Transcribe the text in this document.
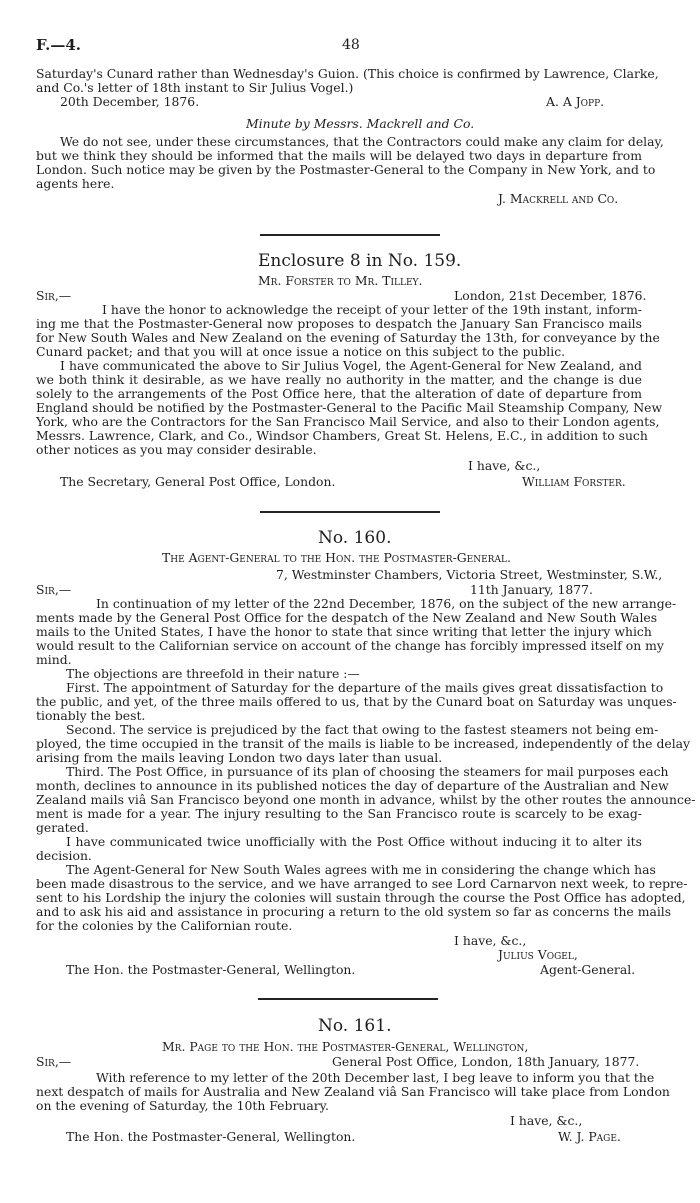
F.—4.	48
Saturday's Cunard rather than Wednesday's Guion. (This choice is confirmed by Lawrence, Clarke,
and Co.'s letter of 18th instant to Sir Julius Vogel.)
20th December, 1876.	A. A Jopp.
Minute by Messrs. Mackrell and Co.
We do not see, under these circumstances, that the Contractors could make any claim for delay,
but we think they should be informed that the mails will be delayed two days in departure from
London. Such notice may be given by the Postmaster-General to the Company in New York, and to
agents here.
J. Mackrell and Co.
Enclosure 8 in No. 159.
Mr. Forster to Mr. Tilley.
Sir,—	London, 21st December, 1876.
I have the honor to acknowledge the receipt of your letter of the 19th instant, inform-
ing me that the Postmaster-General now proposes to despatch the January San Francisco mails
for New South Wales and New Zealand on the evening of Saturday the 13th, for conveyance by the
Cunard packet; and that you will at once issue a notice on this subject to the public.
I have communicated the above to Sir Julius Vogel, the Agent-General for New Zealand, and
we both think it desirable, as we have really no authority in the matter, and the change is due
solely to the arrangements of the Post Office here, that the alteration of date of departure from
England should be notified by the Postmaster-General to the Pacific Mail Steamship Company, New
York, who are the Contractors for the San Francisco Mail Service, and also to their London agents,
Messrs. Lawrence, Clark, and Co., Windsor Chambers, Great St. Helens, E.C., in addition to such
other notices as you may consider desirable.
I have, &c.,
The Secretary, General Post Office, London.	William Forster.
No. 160.
The Agent-General to the Hon. the Postmaster-General.
7, Westminster Chambers, Victoria Street, Westminster, S.W.,
Sir,—	11th January, 1877.
In continuation of my letter of the 22nd December, 1876, on the subject of the new arrange-
ments made by the General Post Office for the despatch of the New Zealand and New South Wales
mails to the United States, I have the honor to state that since writing that letter the injury which
would result to the Californian service on account of the change has forcibly impressed itself on my
mind.
The objections are threefold in their nature :—
First. The appointment of Saturday for the departure of the mails gives great dissatisfaction to
the public, and yet, of the three mails offered to us, that by the Cunard boat on Saturday was unques-
tionably the best.
Second. The service is prejudiced by the fact that owing to the fastest steamers not being em-
ployed, the time occupied in the transit of the mails is liable to be increased, independently of the delay
arising from the mails leaving London two days later than usual.
Third. The Post Office, in pursuance of its plan of choosing the steamers for mail purposes each
month, declines to announce in its published notices the day of departure of the Australian and New
Zealand mails viâ San Francisco beyond one month in advance, whilst by the other routes the announce-
ment is made for a year. The injury resulting to the San Francisco route is scarcely to be exag-
gerated.
I have communicated twice unofficially with the Post Office without inducing it to alter its
decision.
The Agent-General for New South Wales agrees with me in considering the change which has
been made disastrous to the service, and we have arranged to see Lord Carnarvon next week, to repre-
sent to his Lordship the injury the colonies will sustain through the course the Post Office has adopted,
and to ask his aid and assistance in procuring a return to the old system so far as concerns the mails
for the colonies by the Californian route.
I have, &c.,
Julius Vogel,
The Hon. the Postmaster-General, Wellington.	Agent-General.
No. 161.
Mr. Page to the Hon. the Postmaster-General, Wellington,
Sir,—	General Post Office, London, 18th January, 1877.
With reference to my letter of the 20th December last, I beg leave to inform you that the
next despatch of mails for Australia and New Zealand viâ San Francisco will take place from London
on the evening of Saturday, the 10th February.
I have, &c.,
The Hon. the Postmaster-General, Wellington.	W. J. Page.
